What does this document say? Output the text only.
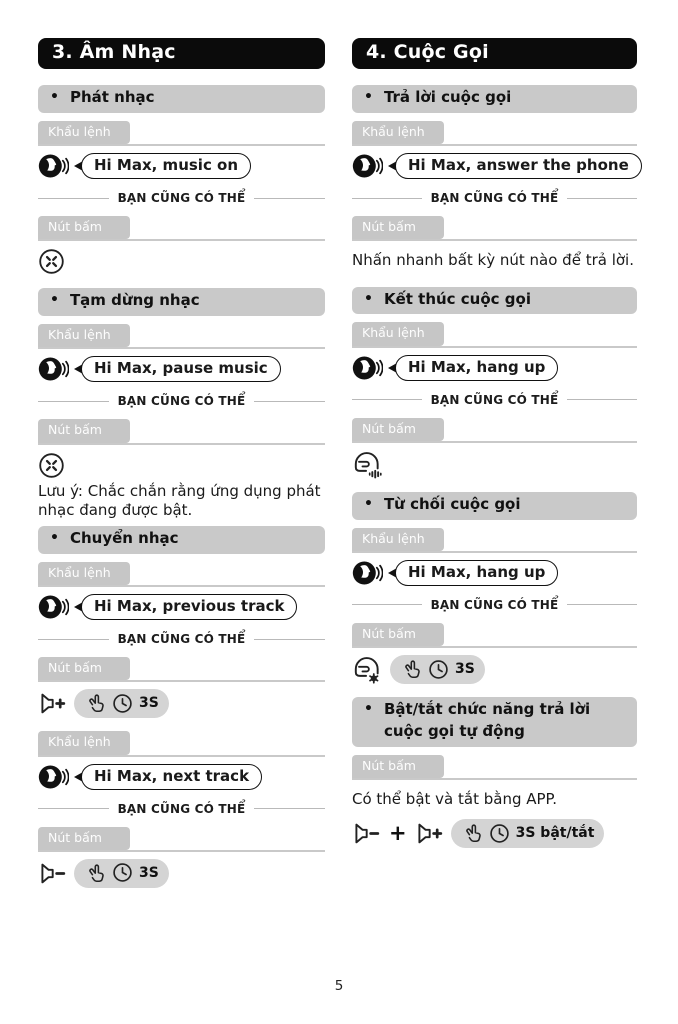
3. Âm Nhạc
• Phát nhạc
Khẩu lệnh
Hi Max, music on
BẠN CŨNG CÓ THỂ
Nút bấm
• Tạm dừng nhạc
Khẩu lệnh
Hi Max, pause music
BẠN CŨNG CÓ THỂ
Nút bấm

Lưu ý: Chắc chắn rằng ứng dụng phát nhạc đang được bật.

• Chuyển nhạc
Khẩu lệnh
Hi Max, previous track
BẠN CŨNG CÓ THỂ
Nút bấm
3S
Khẩu lệnh
Hi Max, next track
BẠN CŨNG CÓ THỂ
Nút bấm
3S
4. Cuộc Gọi
• Trả lời cuộc gọi
Khẩu lệnh
Hi Max, answer the phone
BẠN CŨNG CÓ THỂ
Nút bấm

Nhấn nhanh bất kỳ nút nào để trả lời.

• Kết thúc cuộc gọi
Khẩu lệnh
Hi Max, hang up
BẠN CŨNG CÓ THỂ
Nút bấm
• Từ chối cuộc gọi
Khẩu lệnh
Hi Max, hang up
BẠN CŨNG CÓ THỂ
Nút bấm
3S
• Bật/tắt chức năng trả lời cuộc gọi tự động
Nút bấm

Có thể bật và tắt bằng APP.

+	3S bật/tắt
5
